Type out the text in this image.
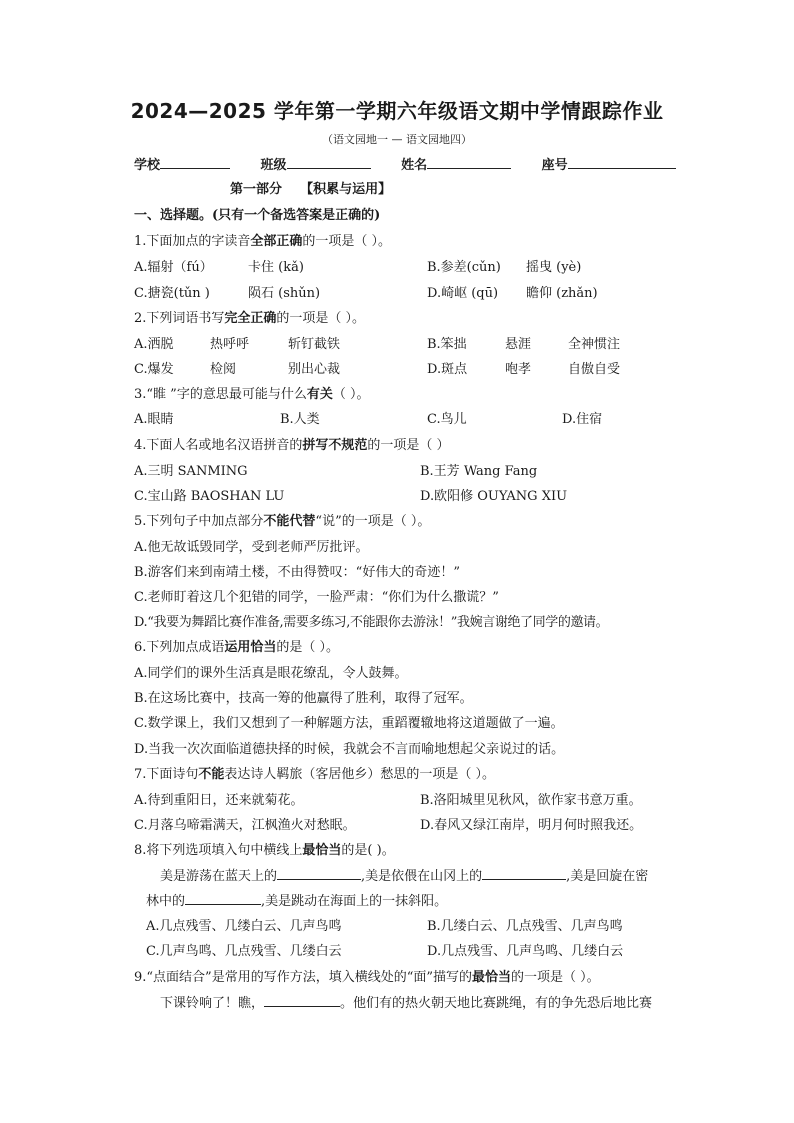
2024—2025 学年第一学期六年级语文期中学情跟踪作业
（语文园地一 — 语文园地四）
学校	班级	姓名	座号
第一部分    【积累与运用】
一、选择题。(只有一个备选答案是正确的)
1.下面加点的字读音全部正确的一项是（ ）。
A.辐射（fú）	卡住 (kǎ)	B.参差(cǔn) 摇曳 (yè)
C.搪瓷(tǔn )	陨石 (shǔn)	D.崎岖 (qū) 瞻仰 (zhǎn)
2.下列词语书写完全正确的一项是（ ）。
A.洒脱	热呼呼	斩钉截铁	B.笨拙	悬涯	全神惯注
C.爆发	检阅	别出心裁	D.斑点	咆孝	自傲自受
3.“睢 ”字的意思最可能与什么有关（ ）。
A.眼睛	B.人类	C.鸟儿	D.住宿
4.下面人名或地名汉语拼音的拼写不规范的一项是（ ）
A.三明 SANMING	B.王芳 Wang Fang
C.宝山路 BAOSHAN LU	D.欧阳修 OUYANG XIU
5.下列句子中加点部分不能代替“说”的一项是（ ）。
A.他无故诋毁同学，受到老师严厉批评。
B.游客们来到南靖土楼，不由得赞叹：“好伟大的奇迹！”
C.老师盯着这几个犯错的同学，一脸严肃：“你们为什么撒谎？”
D.“我要为舞蹈比赛作准备,需要多练习,不能跟你去游泳！”我婉言谢绝了同学的邀请。
6.下列加点成语运用恰当的是（ ）。
A.同学们的课外生活真是眼花缭乱，令人鼓舞。
B.在这场比赛中，技高一筹的他赢得了胜利，取得了冠军。
C.数学课上，我们又想到了一种解题方法，重蹈覆辙地将这道题做了一遍。
D.当我一次次面临道德抉择的时候，我就会不言而喻地想起父亲说过的话。
7.下面诗句不能表达诗人羁旅（客居他乡）愁思的一项是（ ）。
A.待到重阳日，还来就菊花。	B.洛阳城里见秋风，欲作家书意万重。
C.月落乌啼霜满天，江枫渔火对愁眠。	D.春风又绿江南岸，明月何时照我还。
8.将下列选项填入句中横线上最恰当的是( )。
美是游荡在蓝天上的	,美是依偎在山冈上的	,美是回旋在密
林中的	,美是跳动在海面上的一抹斜阳。
A.几点残雪、几缕白云、几声鸟鸣	B.几缕白云、几点残雪、几声鸟鸣
C.几声鸟鸣、几点残雪、几缕白云	D.几点残雪、几声鸟鸣、几缕白云
9.“点面结合”是常用的写作方法，填入横线处的“面”描写的最恰当的一项是（ ）。
下课铃响了！瞧，	。他们有的热火朝天地比赛跳绳，有的争先恐后地比赛
